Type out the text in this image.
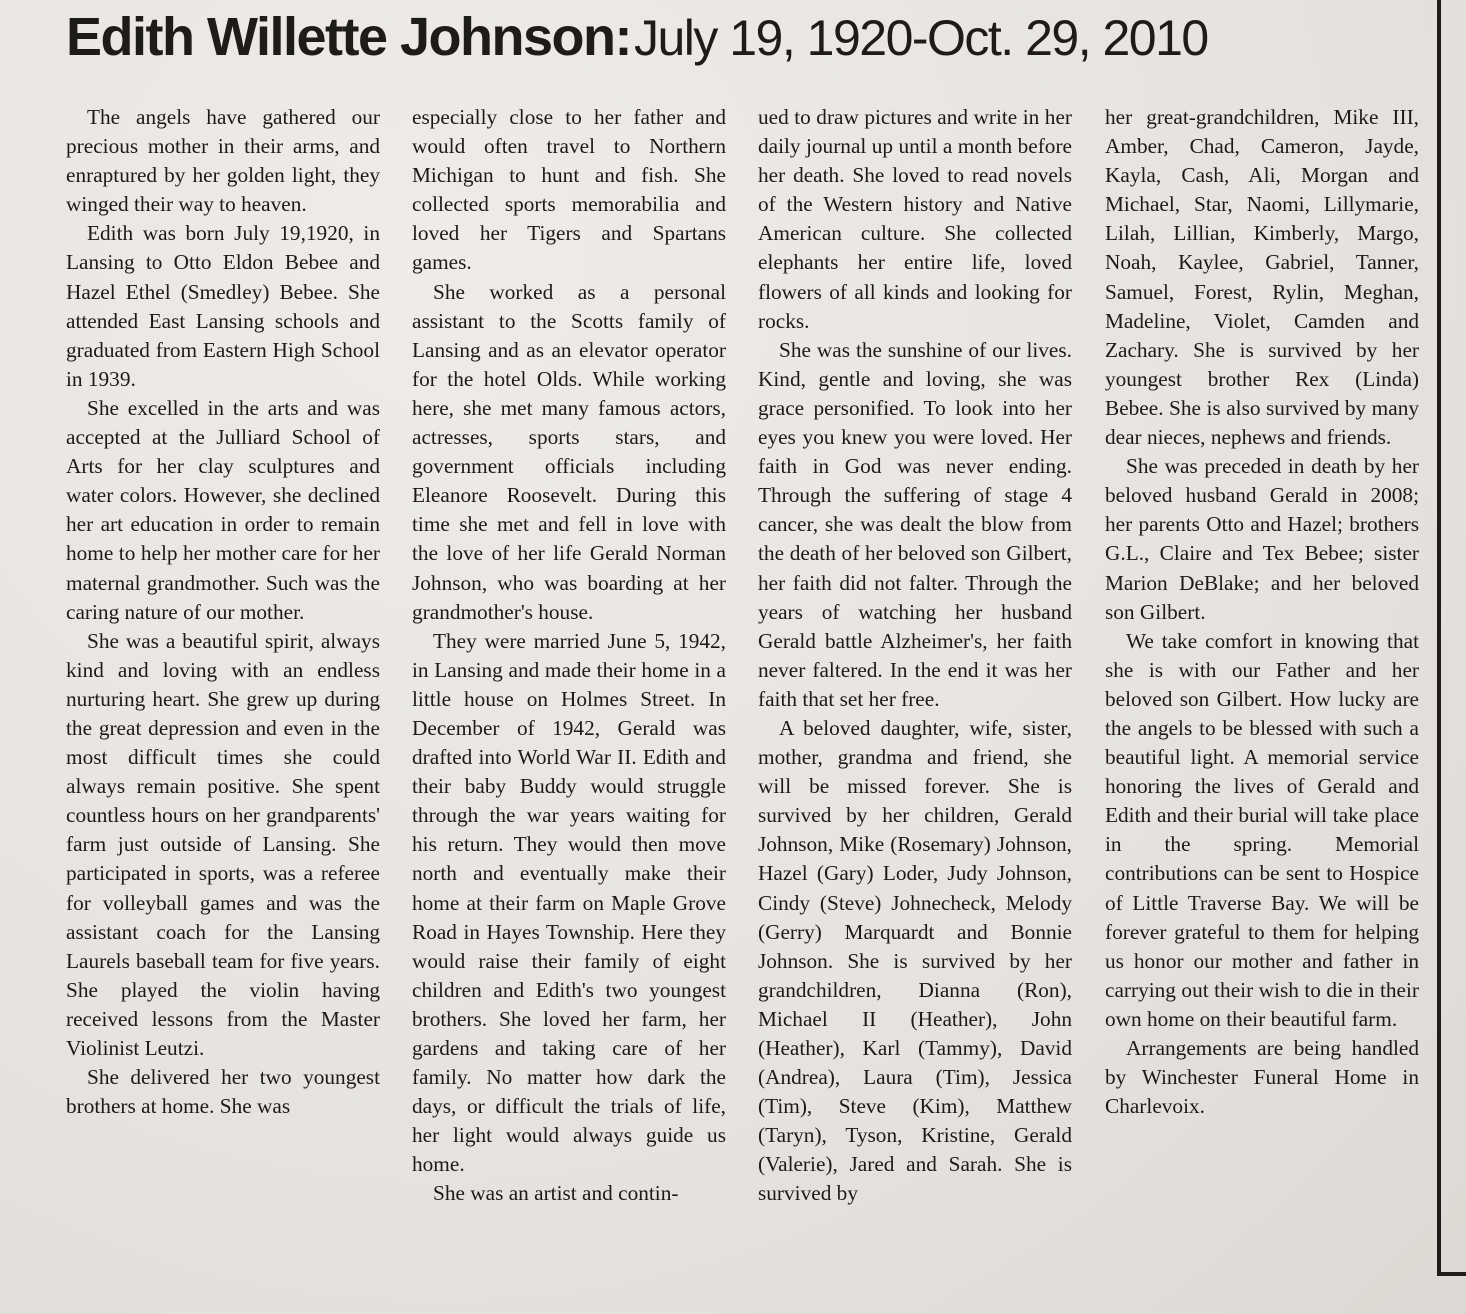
Edith Willette Johnson: July 19, 1920-Oct. 29, 2010

The angels have gathered our precious mother in their arms, and enraptured by her golden light, they winged their way to heaven.

Edith was born July 19,1920, in Lansing to Otto Eldon Bebee and Hazel Ethel (Smedley) Bebee. She attended East Lansing schools and graduated from Eastern High School in 1939.

She excelled in the arts and was accepted at the Julliard School of Arts for her clay sculptures and water colors. However, she declined her art education in order to remain home to help her mother care for her maternal grandmother. Such was the caring nature of our mother.

She was a beautiful spirit, always kind and loving with an endless nurturing heart. She grew up during the great depression and even in the most difficult times she could always remain positive. She spent countless hours on her grandparents' farm just outside of Lansing. She participated in sports, was a referee for volleyball games and was the assistant coach for the Lansing Laurels baseball team for five years. She played the violin having received lessons from the Master Violinist Leutzi.

She delivered her two youngest brothers at home. She was

especially close to her father and would often travel to Northern Michigan to hunt and fish. She collected sports memorabilia and loved her Tigers and Spartans games.

She worked as a personal assistant to the Scotts family of Lansing and as an elevator operator for the hotel Olds. While working here, she met many famous actors, actresses, sports stars, and government officials including Eleanore Roosevelt. During this time she met and fell in love with the love of her life Gerald Norman Johnson, who was boarding at her grandmother's house.

They were married June 5, 1942, in Lansing and made their home in a little house on Holmes Street. In December of 1942, Gerald was drafted into World War II. Edith and their baby Buddy would struggle through the war years waiting for his return. They would then move north and eventually make their home at their farm on Maple Grove Road in Hayes Township. Here they would raise their family of eight children and Edith's two youngest brothers. She loved her farm, her gardens and taking care of her family. No matter how dark the days, or difficult the trials of life, her light would always guide us home.

She was an artist and contin-

ued to draw pictures and write in her daily journal up until a month before her death. She loved to read novels of the Western history and Native American culture. She collected elephants her entire life, loved flowers of all kinds and looking for rocks.

She was the sunshine of our lives. Kind, gentle and loving, she was grace personified. To look into her eyes you knew you were loved. Her faith in God was never ending. Through the suffering of stage 4 cancer, she was dealt the blow from the death of her beloved son Gilbert, her faith did not falter. Through the years of watching her husband Gerald battle Alzheimer's, her faith never faltered. In the end it was her faith that set her free.

A beloved daughter, wife, sister, mother, grandma and friend, she will be missed forever. She is survived by her children, Gerald Johnson, Mike (Rosemary) Johnson, Hazel (Gary) Loder, Judy Johnson, Cindy (Steve) Johnecheck, Melody (Gerry) Marquardt and Bonnie Johnson. She is survived by her grandchildren, Dianna (Ron), Michael II (Heather), John (Heather), Karl (Tammy), David (Andrea), Laura (Tim), Jessica (Tim), Steve (Kim), Matthew (Taryn), Tyson, Kristine, Gerald (Valerie), Jared and Sarah. She is survived by

her great-grandchildren, Mike III, Amber, Chad, Cameron, Jayde, Kayla, Cash, Ali, Morgan and Michael, Star, Naomi, Lillymarie, Lilah, Lillian, Kimberly, Margo, Noah, Kaylee, Gabriel, Tanner, Samuel, Forest, Rylin, Meghan, Madeline, Violet, Camden and Zachary. She is survived by her youngest brother Rex (Linda) Bebee. She is also survived by many dear nieces, nephews and friends.

She was preceded in death by her beloved husband Gerald in 2008; her parents Otto and Hazel; brothers G.L., Claire and Tex Bebee; sister Marion DeBlake; and her beloved son Gilbert.

We take comfort in knowing that she is with our Father and her beloved son Gilbert. How lucky are the angels to be blessed with such a beautiful light. A memorial service honoring the lives of Gerald and Edith and their burial will take place in the spring. Memorial contributions can be sent to Hospice of Little Traverse Bay. We will be forever grateful to them for helping us honor our mother and father in carrying out their wish to die in their own home on their beautiful farm.

Arrangements are being handled by Winchester Funeral Home in Charlevoix.
